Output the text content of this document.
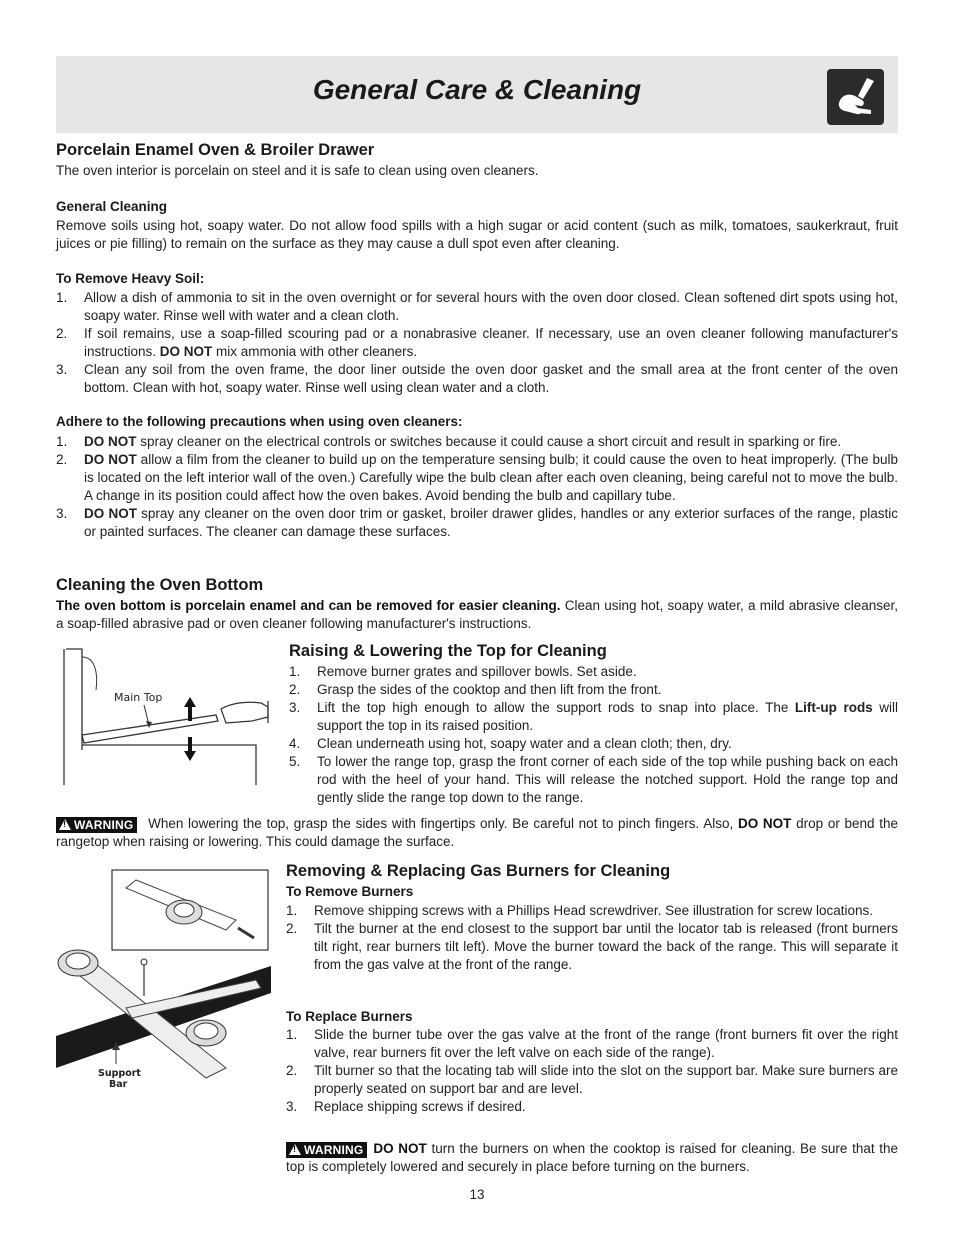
General Care & Cleaning
Porcelain Enamel Oven & Broiler Drawer
The oven interior is porcelain on steel and it is safe to clean using oven cleaners.
General Cleaning
Remove soils using hot, soapy water. Do not allow food spills with a high sugar or acid content (such as milk, tomatoes, saukerkraut, fruit juices or pie filling) to remain on the surface as they may cause a dull spot even after cleaning.
To Remove Heavy Soil:
1. Allow a dish of ammonia to sit in the oven overnight or for several hours with the oven door closed. Clean softened dirt spots using hot, soapy water. Rinse well with water and a clean cloth.
2. If soil remains, use a soap-filled scouring pad or a nonabrasive cleaner. If necessary, use an oven cleaner following manufacturer's instructions. DO NOT mix ammonia with other cleaners.
3. Clean any soil from the oven frame, the door liner outside the oven door gasket and the small area at the front center of the oven bottom. Clean with hot, soapy water. Rinse well using clean water and a cloth.
Adhere to the following precautions when using oven cleaners:
1. DO NOT spray cleaner on the electrical controls or switches because it could cause a short circuit and result in sparking or fire.
2. DO NOT allow a film from the cleaner to build up on the temperature sensing bulb; it could cause the oven to heat improperly. (The bulb is located on the left interior wall of the oven.) Carefully wipe the bulb clean after each oven cleaning, being careful not to move the bulb. A change in its position could affect how the oven bakes. Avoid bending the bulb and capillary tube.
3. DO NOT spray any cleaner on the oven door trim or gasket, broiler drawer glides, handles or any exterior surfaces of the range, plastic or painted surfaces. The cleaner can damage these surfaces.
Cleaning the Oven Bottom
The oven bottom is porcelain enamel and can be removed for easier cleaning. Clean using hot, soapy water, a mild abrasive cleanser, a soap-filled abrasive pad or oven cleaner following manufacturer's instructions.
Main Top
Raising & Lowering the Top for Cleaning
1. Remove burner grates and spillover bowls. Set aside.
2. Grasp the sides of the cooktop and then lift from the front.
3. Lift the top high enough to allow the support rods to snap into place. The Lift-up rods will support the top in its raised position.
4. Clean underneath using hot, soapy water and a clean cloth; then, dry.
5. To lower the range top, grasp the front corner of each side of the top while pushing back on each rod with the heel of your hand. This will release the notched support. Hold the range top and gently slide the range top down to the range.
!WARNING When lowering the top, grasp the sides with fingertips only. Be careful not to pinch fingers. Also, DO NOT drop or bend the rangetop when raising or lowering. This could damage the surface.
Support
Bar
Removing & Replacing Gas Burners for Cleaning
To Remove Burners
1. Remove shipping screws with a Phillips Head screwdriver. See illustration for screw locations.
2. Tilt the burner at the end closest to the support bar until the locator tab is released (front burners tilt right, rear burners tilt left). Move the burner toward the back of the range. This will separate it from the gas valve at the front of the range.
To Replace Burners
1. Slide the burner tube over the gas valve at the front of the range (front burners fit over the right valve, rear burners fit over the left valve on each side of the range).
2. Tilt burner so that the locating tab will slide into the slot on the support bar. Make sure burners are properly seated on support bar and are level.
3. Replace shipping screws if desired.
!WARNING DO NOT turn the burners on when the cooktop is raised for cleaning. Be sure that the top is completely lowered and securely in place before turning on the burners.
13
